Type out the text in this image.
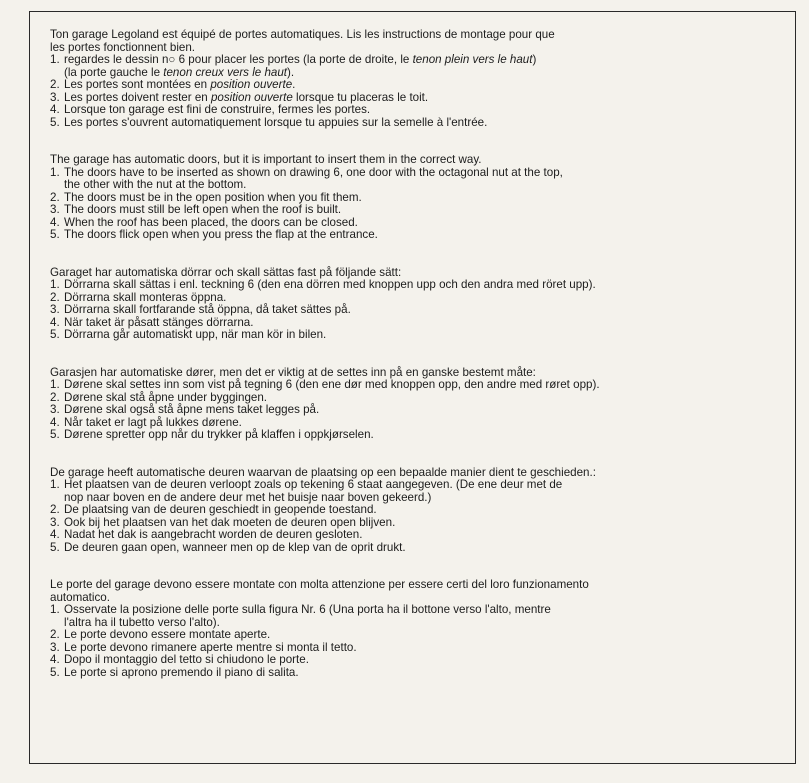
Ton garage Legoland est équipé de portes automatiques. Lis les instructions de montage pour que
les portes fonctionnent bien.
1. regardes le dessin n○ 6 pour placer les portes (la porte de droite, le tenon plein vers le haut)
(la porte gauche le tenon creux vers le haut).
2. Les portes sont montées en position ouverte.
3. Les portes doivent rester en position ouverte lorsque tu placeras le toit.
4. Lorsque ton garage est fini de construire, fermes les portes.
5. Les portes s'ouvrent automatiquement lorsque tu appuies sur la semelle à l'entrée.
The garage has automatic doors, but it is important to insert them in the correct way.
1. The doors have to be inserted as shown on drawing 6, one door with the octagonal nut at the top,
the other with the nut at the bottom.
2. The doors must be in the open position when you fit them.
3. The doors must still be left open when the roof is built.
4. When the roof has been placed, the doors can be closed.
5. The doors flick open when you press the flap at the entrance.
Garaget har automatiska dörrar och skall sättas fast på följande sätt:
1. Dörrarna skall sättas i enl. teckning 6 (den ena dörren med knoppen upp och den andra med röret upp).
2. Dörrarna skall monteras öppna.
3. Dörrarna skall fortfarande stå öppna, då taket sättes på.
4. När taket är påsatt stänges dörrarna.
5. Dörrarna går automatiskt upp, när man kör in bilen.
Garasjen har automatiske dører, men det er viktig at de settes inn på en ganske bestemt måte:
1. Dørene skal settes inn som vist på tegning 6 (den ene dør med knoppen opp, den andre med røret opp).
2. Dørene skal stå åpne under byggingen.
3. Dørene skal også stå åpne mens taket legges på.
4. Når taket er lagt på lukkes dørene.
5. Dørene spretter opp når du trykker på klaffen i oppkjørselen.
De garage heeft automatische deuren waarvan de plaatsing op een bepaalde manier dient te geschieden.:
1. Het plaatsen van de deuren verloopt zoals op tekening 6 staat aangegeven. (De ene deur met de
nop naar boven en de andere deur met het buisje naar boven gekeerd.)
2. De plaatsing van de deuren geschiedt in geopende toestand.
3. Ook bij het plaatsen van het dak moeten de deuren open blijven.
4. Nadat het dak is aangebracht worden de deuren gesloten.
5. De deuren gaan open, wanneer men op de klep van de oprit drukt.
Le porte del garage devono essere montate con molta attenzione per essere certi del loro funzionamento
automatico.
1. Osservate la posizione delle porte sulla figura Nr. 6 (Una porta ha il bottone verso l'alto, mentre
l'altra ha il tubetto verso l'alto).
2. Le porte devono essere montate aperte.
3. Le porte devono rimanere aperte mentre si monta il tetto.
4. Dopo il montaggio del tetto si chiudono le porte.
5. Le porte si aprono premendo il piano di salita.
